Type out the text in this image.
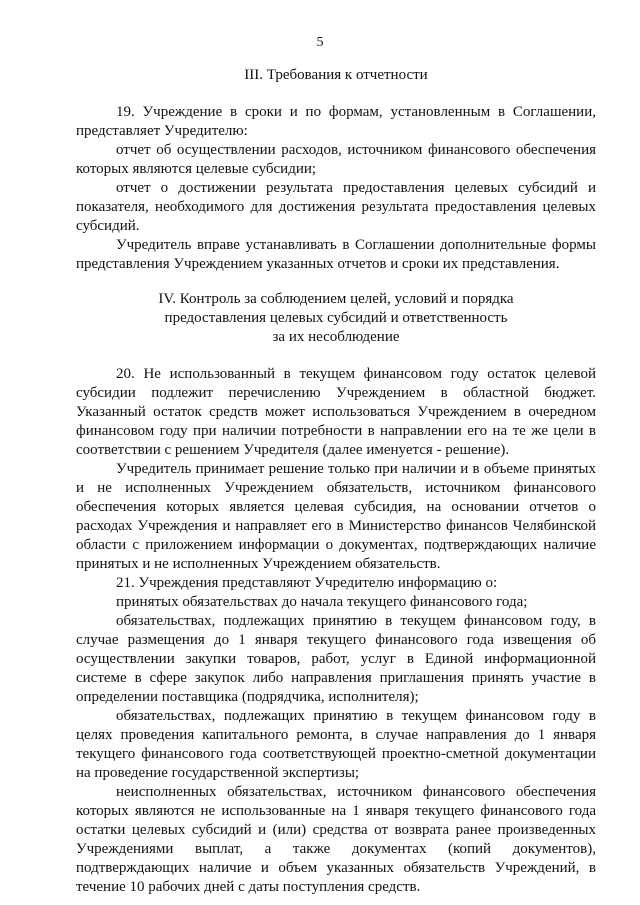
5

III. Требования к отчетности

19. Учреждение в сроки и по формам, установленным в Соглашении, представляет Учредителю:

отчет об осуществлении расходов, источником финансового обеспечения которых являются целевые субсидии;

отчет о достижении результата предоставления целевых субсидий и показателя, необходимого для достижения результата предоставления целевых субсидий.

Учредитель вправе устанавливать в Соглашении дополнительные формы представления Учреждением указанных отчетов и сроки их представления.

IV. Контроль за соблюдением целей, условий и порядка
предоставления целевых субсидий и ответственность
за их несоблюдение

20. Не использованный в текущем финансовом году остаток целевой субсидии подлежит перечислению Учреждением в областной бюджет. Указанный остаток средств может использоваться Учреждением в очередном финансовом году при наличии потребности в направлении его на те же цели в соответствии с решением Учредителя (далее именуется - решение).

Учредитель принимает решение только при наличии и в объеме принятых и не исполненных Учреждением обязательств, источником финансового обеспечения которых является целевая субсидия, на основании отчетов о расходах Учреждения и направляет его в Министерство финансов Челябинской области с приложением информации о документах, подтверждающих наличие принятых и не исполненных Учреждением обязательств.

21. Учреждения представляют Учредителю информацию о:

принятых обязательствах до начала текущего финансового года;

обязательствах, подлежащих принятию в текущем финансовом году, в случае размещения до 1 января текущего финансового года извещения об осуществлении закупки товаров, работ, услуг в Единой информационной системе в сфере закупок либо направления приглашения принять участие в определении поставщика (подрядчика, исполнителя);

обязательствах, подлежащих принятию в текущем финансовом году в целях проведения капитального ремонта, в случае направления до 1 января текущего финансового года соответствующей проектно-сметной документации на проведение государственной экспертизы;

неисполненных обязательствах, источником финансового обеспечения которых являются не использованные на 1 января текущего финансового года остатки целевых субсидий и (или) средства от возврата ранее произведенных Учреждениями выплат, а также документах (копий документов), подтверждающих наличие и объем указанных обязательств Учреждений, в течение 10 рабочих дней с даты поступления средств.
